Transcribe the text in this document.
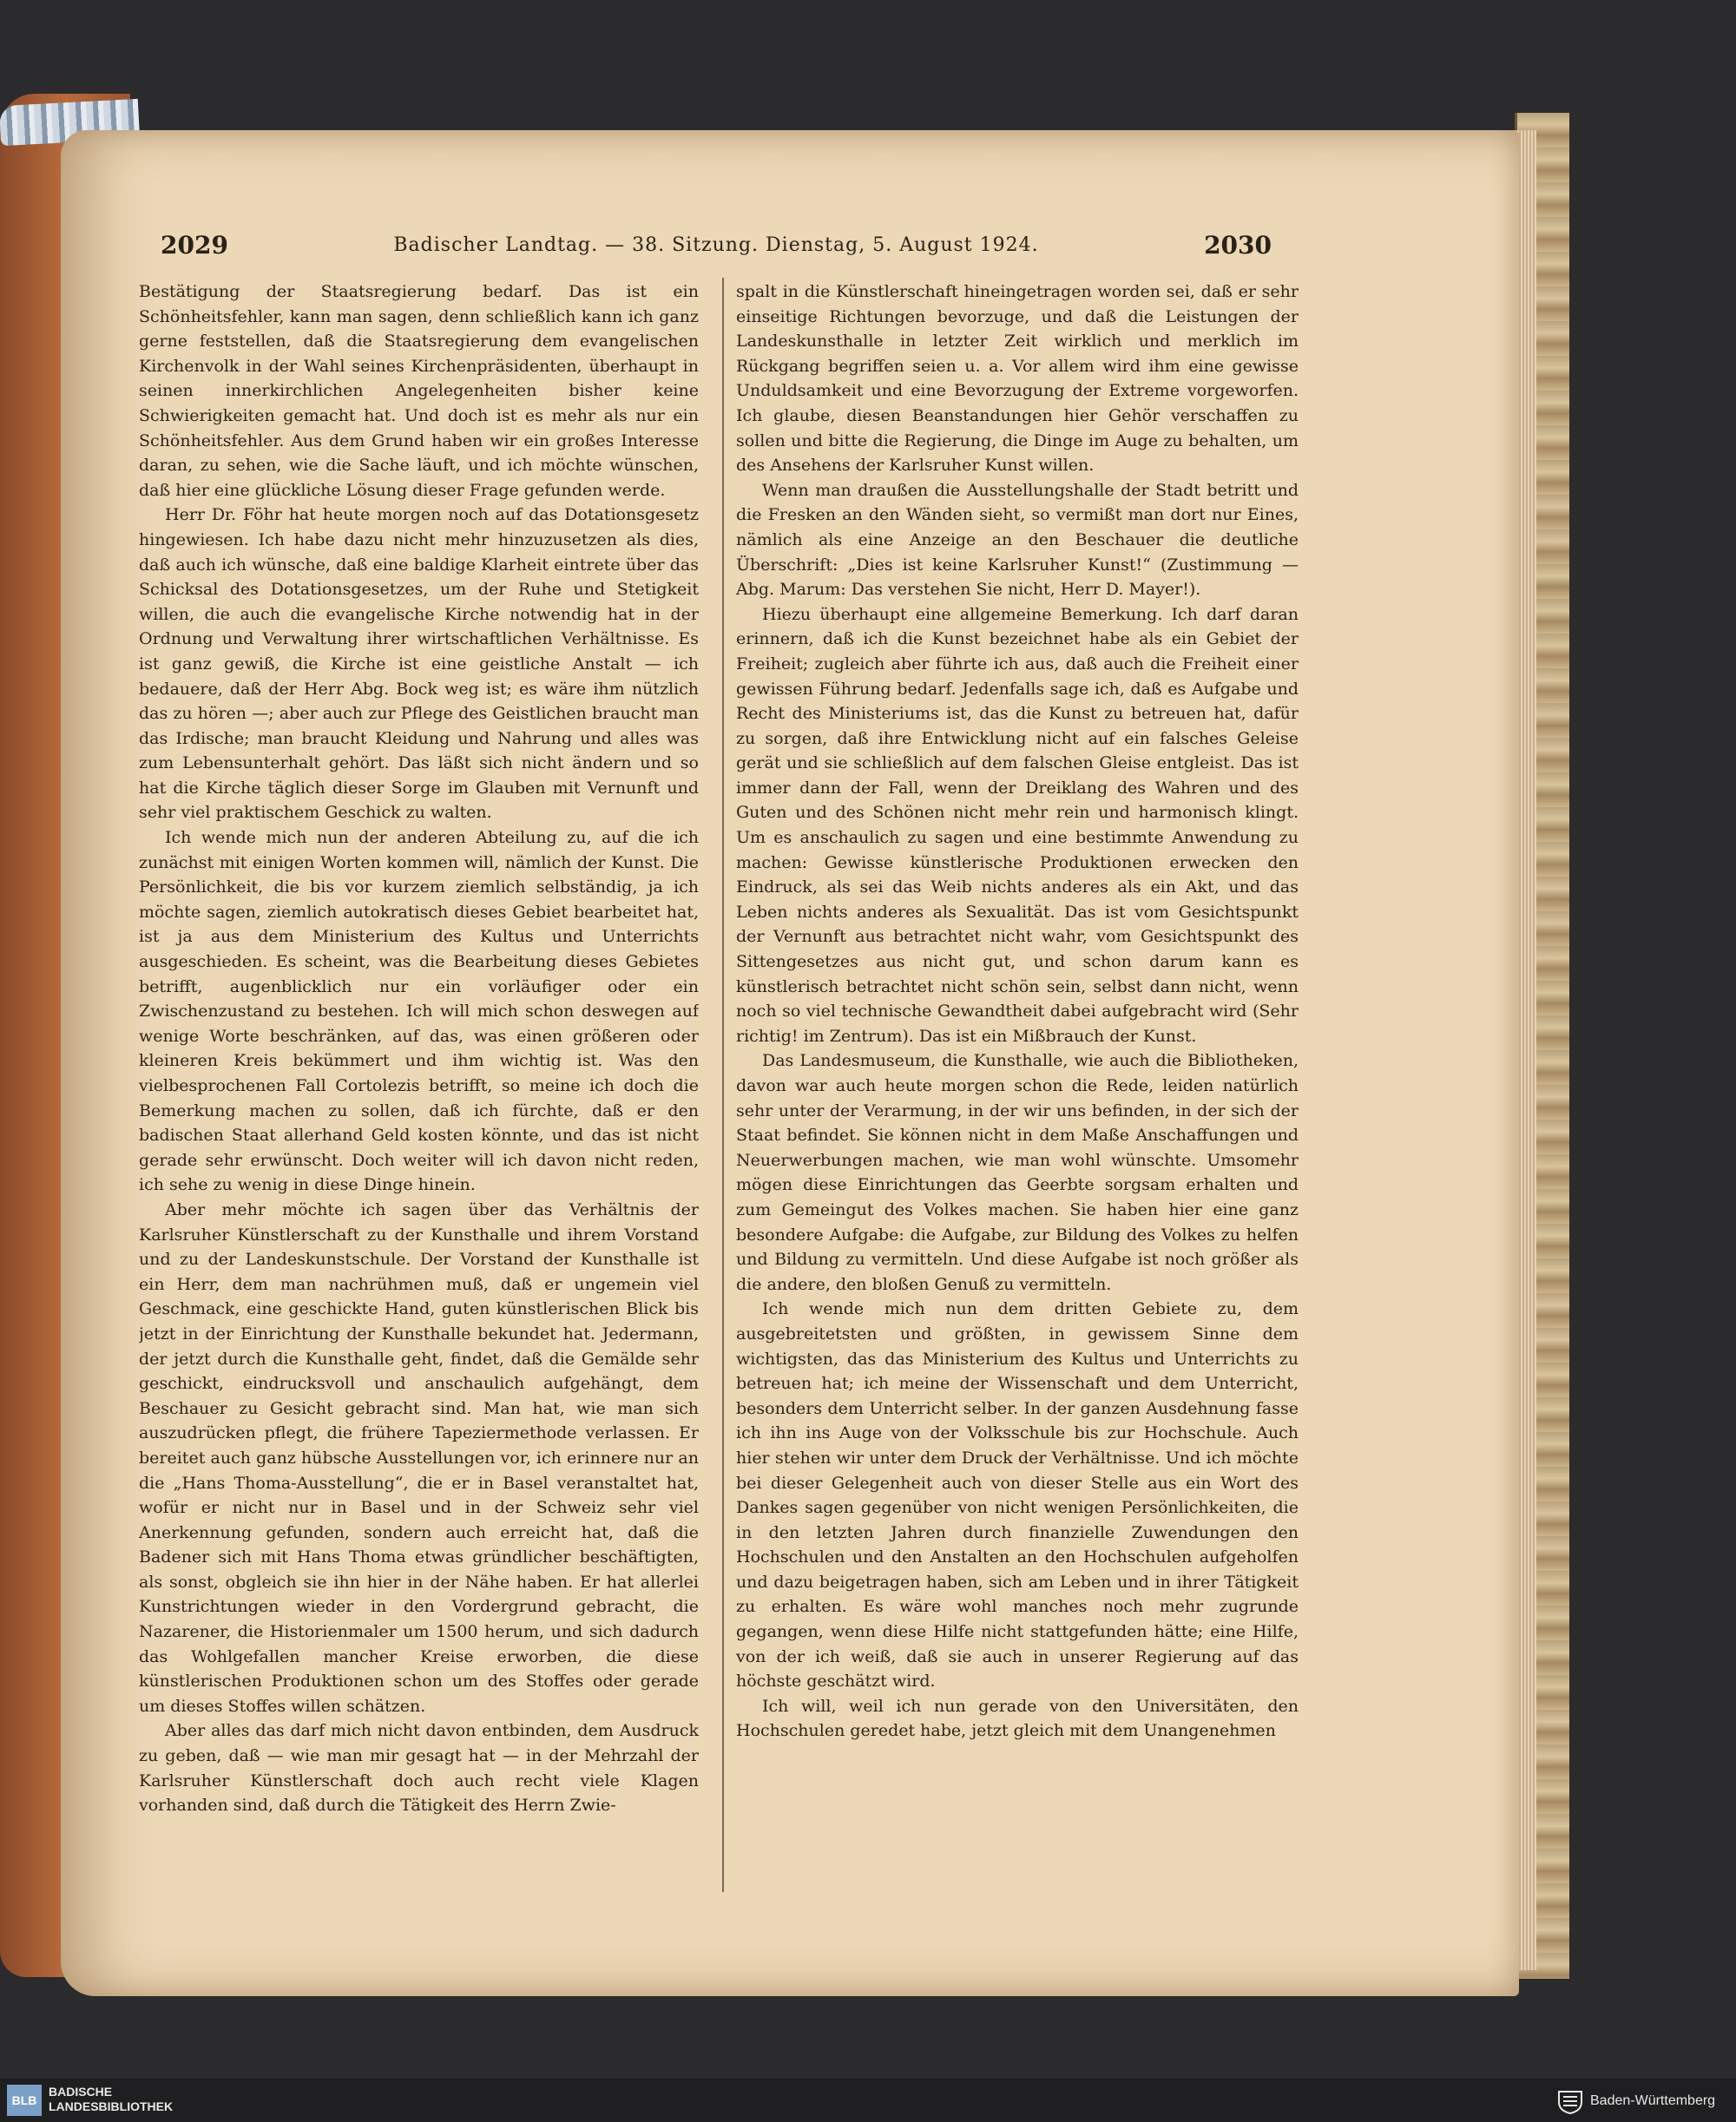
2029	Badischer Landtag. — 38. Sitzung. Dienstag, 5. August 1924.	2030

Bestätigung der Staatsregierung bedarf. Das ist ein Schönheitsfehler, kann man sagen, denn schließlich kann ich ganz gerne feststellen, daß die Staatsregierung dem evangelischen Kirchenvolk in der Wahl seines Kirchenpräsidenten, überhaupt in seinen innerkirchlichen Angelegenheiten bisher keine Schwierigkeiten gemacht hat. Und doch ist es mehr als nur ein Schönheitsfehler. Aus dem Grund haben wir ein großes Interesse daran, zu sehen, wie die Sache läuft, und ich möchte wünschen, daß hier eine glückliche Lösung dieser Frage gefunden werde.

Herr Dr. Föhr hat heute morgen noch auf das Dotationsgesetz hingewiesen. Ich habe dazu nicht mehr hinzuzusetzen als dies, daß auch ich wünsche, daß eine baldige Klarheit eintrete über das Schicksal des Dotationsgesetzes, um der Ruhe und Stetigkeit willen, die auch die evangelische Kirche notwendig hat in der Ordnung und Verwaltung ihrer wirtschaftlichen Verhältnisse. Es ist ganz gewiß, die Kirche ist eine geistliche Anstalt — ich bedauere, daß der Herr Abg. Bock weg ist; es wäre ihm nützlich das zu hören —; aber auch zur Pflege des Geistlichen braucht man das Irdische; man braucht Kleidung und Nahrung und alles was zum Lebensunterhalt gehört. Das läßt sich nicht ändern und so hat die Kirche täglich dieser Sorge im Glauben mit Vernunft und sehr viel praktischem Geschick zu walten.

Ich wende mich nun der anderen Abteilung zu, auf die ich zunächst mit einigen Worten kommen will, nämlich der Kunst. Die Persönlichkeit, die bis vor kurzem ziemlich selbständig, ja ich möchte sagen, ziemlich autokratisch dieses Gebiet bearbeitet hat, ist ja aus dem Ministerium des Kultus und Unterrichts ausgeschieden. Es scheint, was die Bearbeitung dieses Gebietes betrifft, augenblicklich nur ein vorläufiger oder ein Zwischenzustand zu bestehen. Ich will mich schon deswegen auf wenige Worte beschränken, auf das, was einen größeren oder kleineren Kreis bekümmert und ihm wichtig ist. Was den vielbesprochenen Fall Cortolezis betrifft, so meine ich doch die Bemerkung machen zu sollen, daß ich fürchte, daß er den badischen Staat allerhand Geld kosten könnte, und das ist nicht gerade sehr erwünscht. Doch weiter will ich davon nicht reden, ich sehe zu wenig in diese Dinge hinein.

Aber mehr möchte ich sagen über das Verhältnis der Karlsruher Künstlerschaft zu der Kunsthalle und ihrem Vorstand und zu der Landeskunstschule. Der Vorstand der Kunsthalle ist ein Herr, dem man nachrühmen muß, daß er ungemein viel Geschmack, eine geschickte Hand, guten künstlerischen Blick bis jetzt in der Einrichtung der Kunsthalle bekundet hat. Jedermann, der jetzt durch die Kunsthalle geht, findet, daß die Gemälde sehr geschickt, eindrucksvoll und anschaulich aufgehängt, dem Beschauer zu Gesicht gebracht sind. Man hat, wie man sich auszudrücken pflegt, die frühere Tapeziermethode verlassen. Er bereitet auch ganz hübsche Ausstellungen vor, ich erinnere nur an die „Hans Thoma-Ausstellung“, die er in Basel veranstaltet hat, wofür er nicht nur in Basel und in der Schweiz sehr viel Anerkennung gefunden, sondern auch erreicht hat, daß die Badener sich mit Hans Thoma etwas gründlicher beschäftigten, als sonst, obgleich sie ihn hier in der Nähe haben. Er hat allerlei Kunstrichtungen wieder in den Vordergrund gebracht, die Nazarener, die Historienmaler um 1500 herum, und sich dadurch das Wohlgefallen mancher Kreise erworben, die diese künstlerischen Produktionen schon um des Stoffes oder gerade um dieses Stoffes willen schätzen.

Aber alles das darf mich nicht davon entbinden, dem Ausdruck zu geben, daß — wie man mir gesagt hat — in der Mehrzahl der Karlsruher Künstlerschaft doch auch recht viele Klagen vorhanden sind, daß durch die Tätigkeit des Herrn Zwie-

spalt in die Künstlerschaft hineingetragen worden sei, daß er sehr einseitige Richtungen bevorzuge, und daß die Leistungen der Landeskunsthalle in letzter Zeit wirklich und merklich im Rückgang begriffen seien u. a. Vor allem wird ihm eine gewisse Unduldsamkeit und eine Bevorzugung der Extreme vorgeworfen. Ich glaube, diesen Beanstandungen hier Gehör verschaffen zu sollen und bitte die Regierung, die Dinge im Auge zu behalten, um des Ansehens der Karlsruher Kunst willen.

Wenn man draußen die Ausstellungshalle der Stadt betritt und die Fresken an den Wänden sieht, so vermißt man dort nur Eines, nämlich als eine Anzeige an den Beschauer die deutliche Überschrift: „Dies ist keine Karlsruher Kunst!“ (Zustimmung — Abg. Marum: Das verstehen Sie nicht, Herr D. Mayer!).

Hiezu überhaupt eine allgemeine Bemerkung. Ich darf daran erinnern, daß ich die Kunst bezeichnet habe als ein Gebiet der Freiheit; zugleich aber führte ich aus, daß auch die Freiheit einer gewissen Führung bedarf. Jedenfalls sage ich, daß es Aufgabe und Recht des Ministeriums ist, das die Kunst zu betreuen hat, dafür zu sorgen, daß ihre Entwicklung nicht auf ein falsches Geleise gerät und sie schließlich auf dem falschen Gleise entgleist. Das ist immer dann der Fall, wenn der Dreiklang des Wahren und des Guten und des Schönen nicht mehr rein und harmonisch klingt. Um es anschaulich zu sagen und eine bestimmte Anwendung zu machen: Gewisse künstlerische Produktionen erwecken den Eindruck, als sei das Weib nichts anderes als ein Akt, und das Leben nichts anderes als Sexualität. Das ist vom Gesichtspunkt der Vernunft aus betrachtet nicht wahr, vom Gesichtspunkt des Sittengesetzes aus nicht gut, und schon darum kann es künstlerisch betrachtet nicht schön sein, selbst dann nicht, wenn noch so viel technische Gewandtheit dabei aufgebracht wird (Sehr richtig! im Zentrum). Das ist ein Mißbrauch der Kunst.

Das Landesmuseum, die Kunsthalle, wie auch die Bibliotheken, davon war auch heute morgen schon die Rede, leiden natürlich sehr unter der Verarmung, in der wir uns befinden, in der sich der Staat befindet. Sie können nicht in dem Maße Anschaffungen und Neuerwerbungen machen, wie man wohl wünschte. Umsomehr mögen diese Einrichtungen das Geerbte sorgsam erhalten und zum Gemeingut des Volkes machen. Sie haben hier eine ganz besondere Aufgabe: die Aufgabe, zur Bildung des Volkes zu helfen und Bildung zu vermitteln. Und diese Aufgabe ist noch größer als die andere, den bloßen Genuß zu vermitteln.

Ich wende mich nun dem dritten Gebiete zu, dem ausgebreitetsten und größten, in gewissem Sinne dem wichtigsten, das das Ministerium des Kultus und Unterrichts zu betreuen hat; ich meine der Wissenschaft und dem Unterricht, besonders dem Unterricht selber. In der ganzen Ausdehnung fasse ich ihn ins Auge von der Volksschule bis zur Hochschule. Auch hier stehen wir unter dem Druck der Verhältnisse. Und ich möchte bei dieser Gelegenheit auch von dieser Stelle aus ein Wort des Dankes sagen gegenüber von nicht wenigen Persönlichkeiten, die in den letzten Jahren durch finanzielle Zuwendungen den Hochschulen und den Anstalten an den Hochschulen aufgeholfen und dazu beigetragen haben, sich am Leben und in ihrer Tätigkeit zu erhalten. Es wäre wohl manches noch mehr zugrunde gegangen, wenn diese Hilfe nicht stattgefunden hätte; eine Hilfe, von der ich weiß, daß sie auch in unserer Regierung auf das höchste geschätzt wird.

Ich will, weil ich nun gerade von den Universitäten, den Hochschulen geredet habe, jetzt gleich mit dem Unangenehmen

BLB
BADISCHE
LANDESBIBLIOTHEK	Baden-Württemberg
